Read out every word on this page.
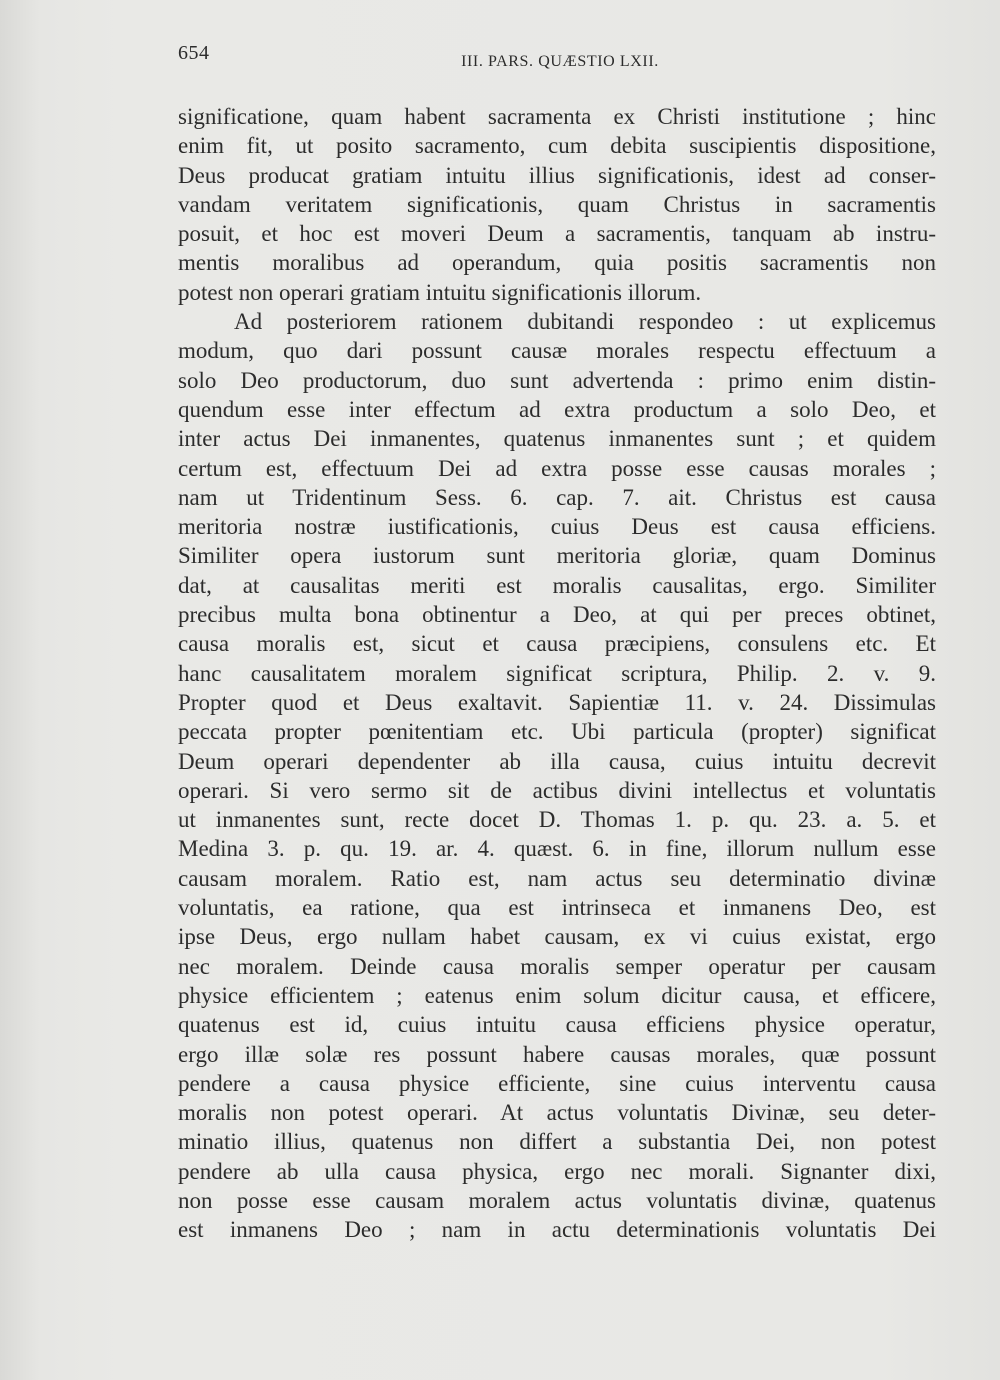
654	III. PARS. QUÆSTIO LXII.
significatione, quam habent sacramenta ex Christi institutione ; hinc
enim fit, ut posito sacramento, cum debita suscipientis dispositione,
Deus producat gratiam intuitu illius significationis, idest ad conser-
vandam veritatem significationis, quam Christus in sacramentis
posuit, et hoc est moveri Deum a sacramentis, tanquam ab instru-
mentis moralibus ad operandum, quia positis sacramentis non
potest non operari gratiam intuitu significationis illorum.
Ad posteriorem rationem dubitandi respondeo : ut explicemus
modum, quo dari possunt causæ morales respectu effectuum a
solo Deo productorum, duo sunt advertenda : primo enim distin-
quendum esse inter effectum ad extra productum a solo Deo, et
inter actus Dei inmanentes, quatenus inmanentes sunt ; et quidem
certum est, effectuum Dei ad extra posse esse causas morales ;
nam ut Tridentinum Sess. 6. cap. 7. ait. Christus est causa
meritoria nostræ iustificationis, cuius Deus est causa efficiens.
Similiter opera iustorum sunt meritoria gloriæ, quam Dominus
dat, at causalitas meriti est moralis causalitas, ergo. Similiter
precibus multa bona obtinentur a Deo, at qui per preces obtinet,
causa moralis est, sicut et causa præcipiens, consulens etc. Et
hanc causalitatem moralem significat scriptura, Philip. 2. v. 9.
Propter quod et Deus exaltavit. Sapientiæ 11. v. 24. Dissimulas
peccata propter pœnitentiam etc. Ubi particula (propter) significat
Deum operari dependenter ab illa causa, cuius intuitu decrevit
operari. Si vero sermo sit de actibus divini intellectus et voluntatis
ut inmanentes sunt, recte docet D. Thomas 1. p. qu. 23. a. 5. et
Medina 3. p. qu. 19. ar. 4. quæst. 6. in fine, illorum nullum esse
causam moralem. Ratio est, nam actus seu determinatio divinæ
voluntatis, ea ratione, qua est intrinseca et inmanens Deo, est
ipse Deus, ergo nullam habet causam, ex vi cuius existat, ergo
nec moralem. Deinde causa moralis semper operatur per causam
physice efficientem ; eatenus enim solum dicitur causa, et efficere,
quatenus est id, cuius intuitu causa efficiens physice operatur,
ergo illæ solæ res possunt habere causas morales, quæ possunt
pendere a causa physice efficiente, sine cuius interventu causa
moralis non potest operari. At actus voluntatis Divinæ, seu deter-
minatio illius, quatenus non differt a substantia Dei, non potest
pendere ab ulla causa physica, ergo nec morali. Signanter dixi,
non posse esse causam moralem actus voluntatis divinæ, quatenus
est inmanens Deo ; nam in actu determinationis voluntatis Dei
